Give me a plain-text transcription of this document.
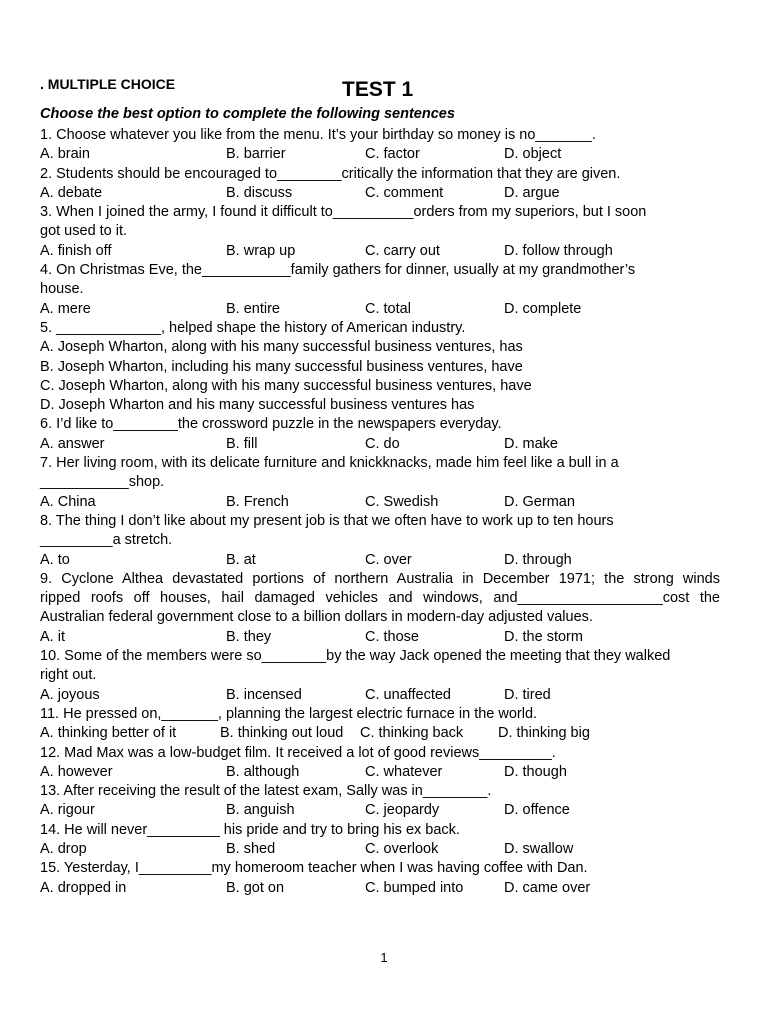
. MULTIPLE CHOICE	TEST 1
Choose the best option to complete the following sentences
1. Choose whatever you like from the menu. It’s your birthday so money is no_______.
A. brain	B. barrier	C. factor	D. object
2. Students should be encouraged to________critically the information that they are given.
A. debate	B. discuss	C. comment	D. argue
3. When I joined the army, I found it difficult to__________orders from my superiors, but I soon
got used to it.
A. finish off	B. wrap up	C. carry out	D. follow through
4. On Christmas Eve, the___________family gathers for dinner, usually at my grandmother’s
house.
A. mere	B. entire	C. total	D. complete
5. _____________, helped shape the history of American industry.
A. Joseph Wharton, along with his many successful business ventures, has
B. Joseph Wharton, including his many successful business ventures, have
C. Joseph Wharton, along with his many successful business ventures, have
D. Joseph Wharton and his many successful business ventures has
6. I’d like to________the crossword puzzle in the newspapers everyday.
A. answer	B. fill	C. do	D. make
7. Her living room, with its delicate furniture and knickknacks, made him feel like a bull in a
___________shop.
A. China	B. French	C. Swedish	D. German
8. The thing I don’t like about my present job is that we often have to work up to ten hours
_________a stretch.
A. to	B. at	C. over	D. through
9. Cyclone Althea devastated portions of northern Australia in December 1971; the strong winds
ripped roofs off houses, hail damaged vehicles and windows, and__________________cost the
Australian federal government close to a billion dollars in modern-day adjusted values.
A. it	B. they	C. those	D. the storm
10. Some of the members were so________by the way Jack opened the meeting that they walked
right out.
A. joyous	B. incensed	C. unaffected	D. tired
11. He pressed on,_______, planning the largest electric furnace in the world.
A. thinking better of it	B. thinking out loud	C. thinking back	D. thinking big
12. Mad Max was a low-budget film. It received a lot of good reviews_________.
A. however	B. although	C. whatever	D. though
13. After receiving the result of the latest exam, Sally was in________.
A. rigour	B. anguish	C. jeopardy	D. offence
14. He will never_________ his pride and try to bring his ex back.
A. drop	B. shed	C. overlook	D. swallow
15. Yesterday, I_________my homeroom teacher when I was having coffee with Dan.
A. dropped in	B. got on	C. bumped into	D. came over
1
